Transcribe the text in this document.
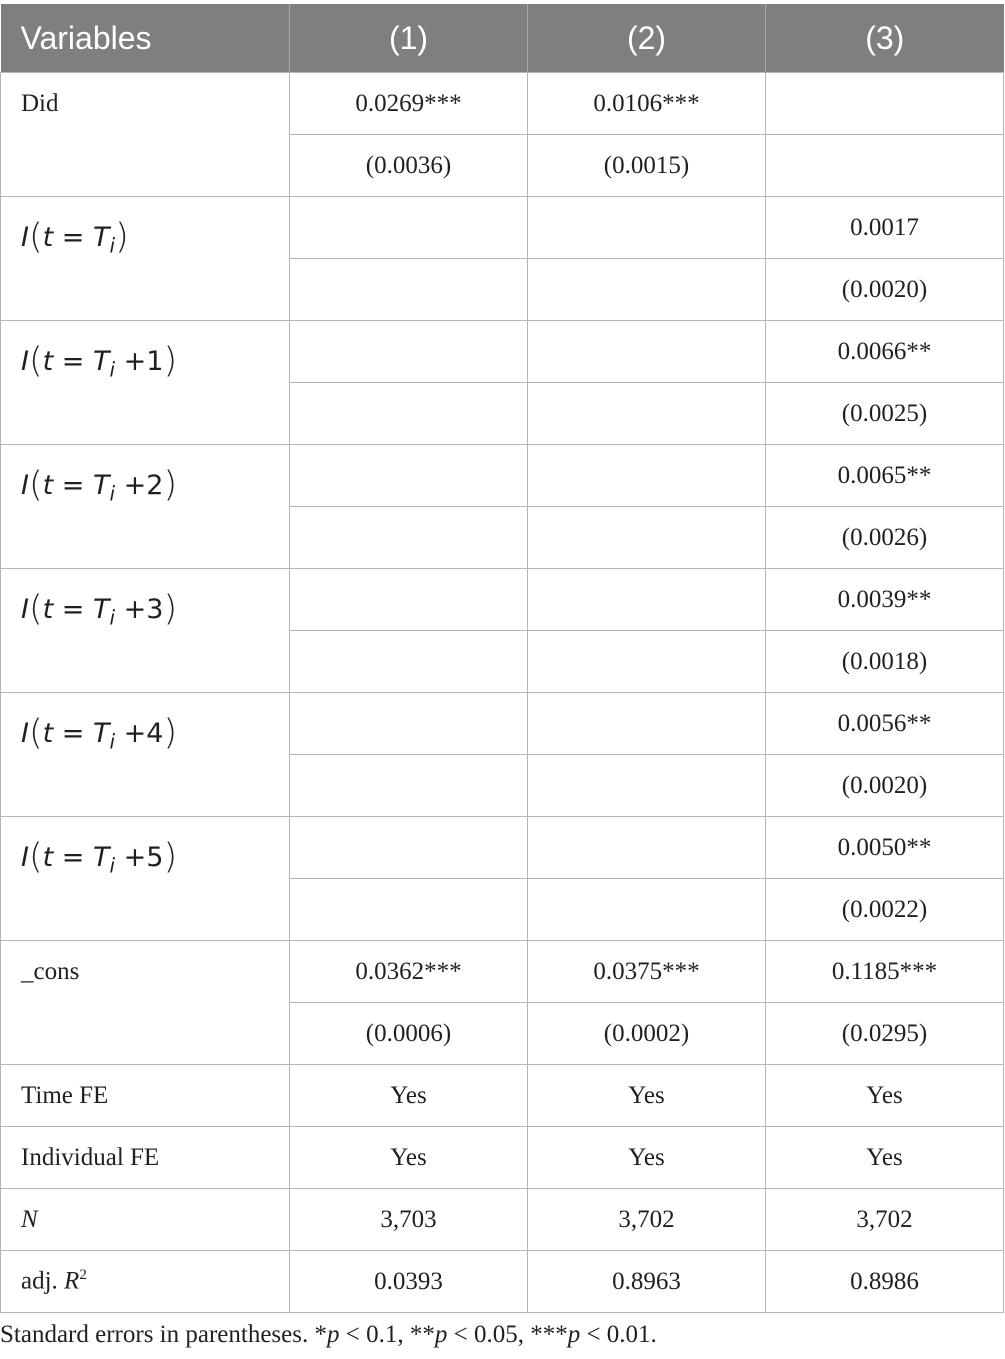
Variables	(1)	(2)	(3)
Did	0.0269***	0.0106***	
	(0.0036)	(0.0015)	
$I(t = T_i)$			0.0017
			(0.0020)
$I(t = T_i +1)$			0.0066**
			(0.0025)
$I(t = T_i +2)$			0.0065**
			(0.0026)
$I(t = T_i +3)$			0.0039**
			(0.0018)
$I(t = T_i +4)$			0.0056**
			(0.0020)
$I(t = T_i +5)$			0.0050**
			(0.0022)
_cons	0.0362***	0.0375***	0.1185***
	(0.0006)	(0.0002)	(0.0295)
Time FE	Yes	Yes	Yes
Individual FE	Yes	Yes	Yes
N	3,703	3,702	3,702
adj. $R^2$	0.0393	0.8963	0.8986
Standard errors in parentheses. *p < 0.1, **p < 0.05, ***p < 0.01.
